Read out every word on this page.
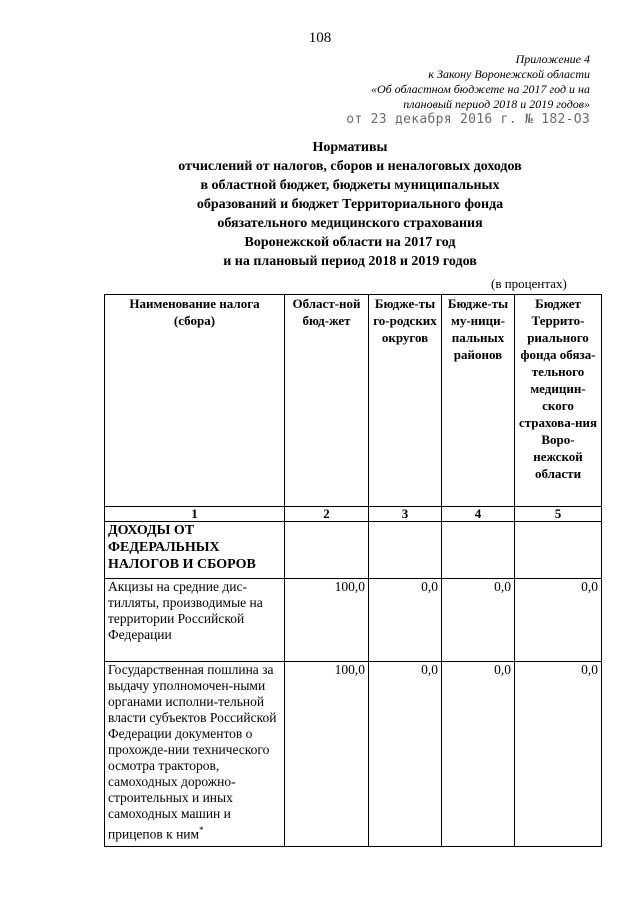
108
Приложение 4
к Закону Воронежской области
«Об областном бюджете на 2017 год и на
плановый период 2018 и 2019 годов»
от 23 декабря 2016 г. № 182-ОЗ
Нормативы
отчислений от налогов, сборов и неналоговых доходов
в областной бюджет, бюджеты муниципальных
образований и бюджет Территориального фонда
обязательного медицинского страхования
Воронежской области на 2017 год
и на плановый период 2018 и 2019 годов
(в процентах)
Наименование налога (сбора)	Област-ной бюд-жет	Бюдже-ты го-родских округов	Бюдже-ты му-ници-пальных районов	Бюджет Террито-риального фонда обяза-тельного медицин-ского страхова-ния Воро-нежской области
1	2	3	4	5
ДОХОДЫ ОТ ФЕДЕРАЛЬНЫХ НАЛОГОВ И СБОРОВ				
Акцизы на средние дис-тилляты, производимые на территории Российской Федерации	100,0	0,0	0,0	0,0
Государственная пошлина за выдачу уполномочен-ными органами исполни-тельной власти субъектов Российской Федерации документов о прохожде-нии технического осмотра тракторов, самоходных дорожно-строительных и иных самоходных машин и прицепов к ним*	100,0	0,0	0,0	0,0
